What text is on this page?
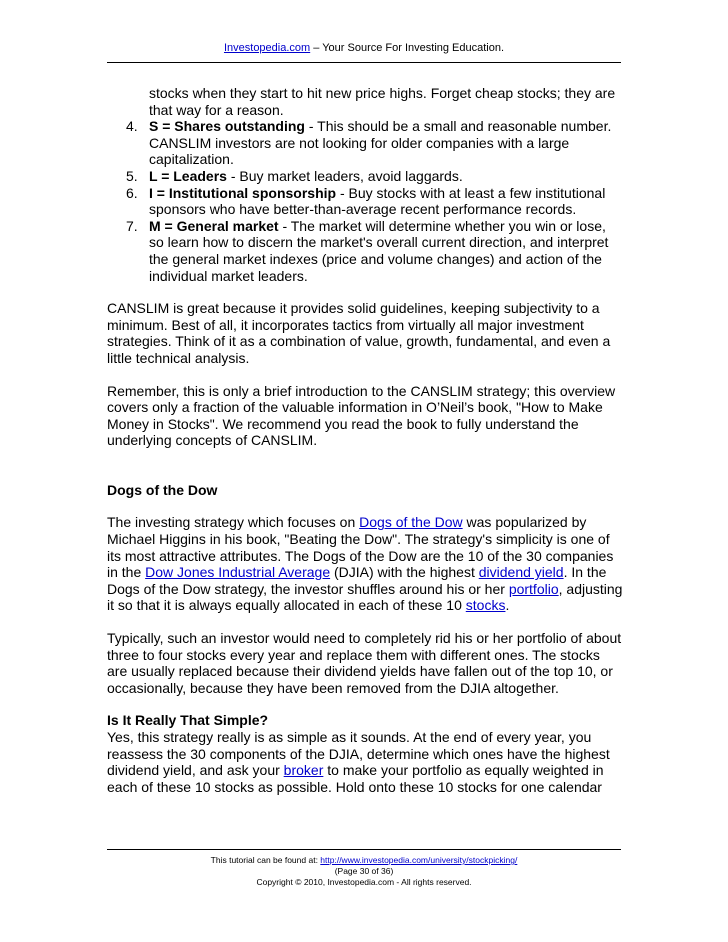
Investopedia.com – Your Source For Investing Education.

stocks when they start to hit new price highs. Forget cheap stocks; they are that way for a reason.

4. S = Shares outstanding - This should be a small and reasonable number. CANSLIM investors are not looking for older companies with a large capitalization.
5. L = Leaders - Buy market leaders, avoid laggards.
6. I = Institutional sponsorship - Buy stocks with at least a few institutional sponsors who have better-than-average recent performance records.
7. M = General market - The market will determine whether you win or lose, so learn how to discern the market's overall current direction, and interpret the general market indexes (price and volume changes) and action of the individual market leaders.

CANSLIM is great because it provides solid guidelines, keeping subjectivity to a minimum. Best of all, it incorporates tactics from virtually all major investment strategies. Think of it as a combination of value, growth, fundamental, and even a little technical analysis.

Remember, this is only a brief introduction to the CANSLIM strategy; this overview covers only a fraction of the valuable information in O’Neil’s book, "How to Make Money in Stocks". We recommend you read the book to fully understand the underlying concepts of CANSLIM.

Dogs of the Dow

The investing strategy which focuses on Dogs of the Dow was popularized by Michael Higgins in his book, "Beating the Dow". The strategy's simplicity is one of its most attractive attributes. The Dogs of the Dow are the 10 of the 30 companies in the Dow Jones Industrial Average (DJIA) with the highest dividend yield. In the Dogs of the Dow strategy, the investor shuffles around his or her portfolio, adjusting it so that it is always equally allocated in each of these 10 stocks.

Typically, such an investor would need to completely rid his or her portfolio of about three to four stocks every year and replace them with different ones. The stocks are usually replaced because their dividend yields have fallen out of the top 10, or occasionally, because they have been removed from the DJIA altogether.

Is It Really That Simple?

Yes, this strategy really is as simple as it sounds. At the end of every year, you reassess the 30 components of the DJIA, determine which ones have the highest dividend yield, and ask your broker to make your portfolio as equally weighted in each of these 10 stocks as possible. Hold onto these 10 stocks for one calendar

This tutorial can be found at: http://www.investopedia.com/university/stockpicking/
(Page 30 of 36)
Copyright © 2010, Investopedia.com - All rights reserved.
